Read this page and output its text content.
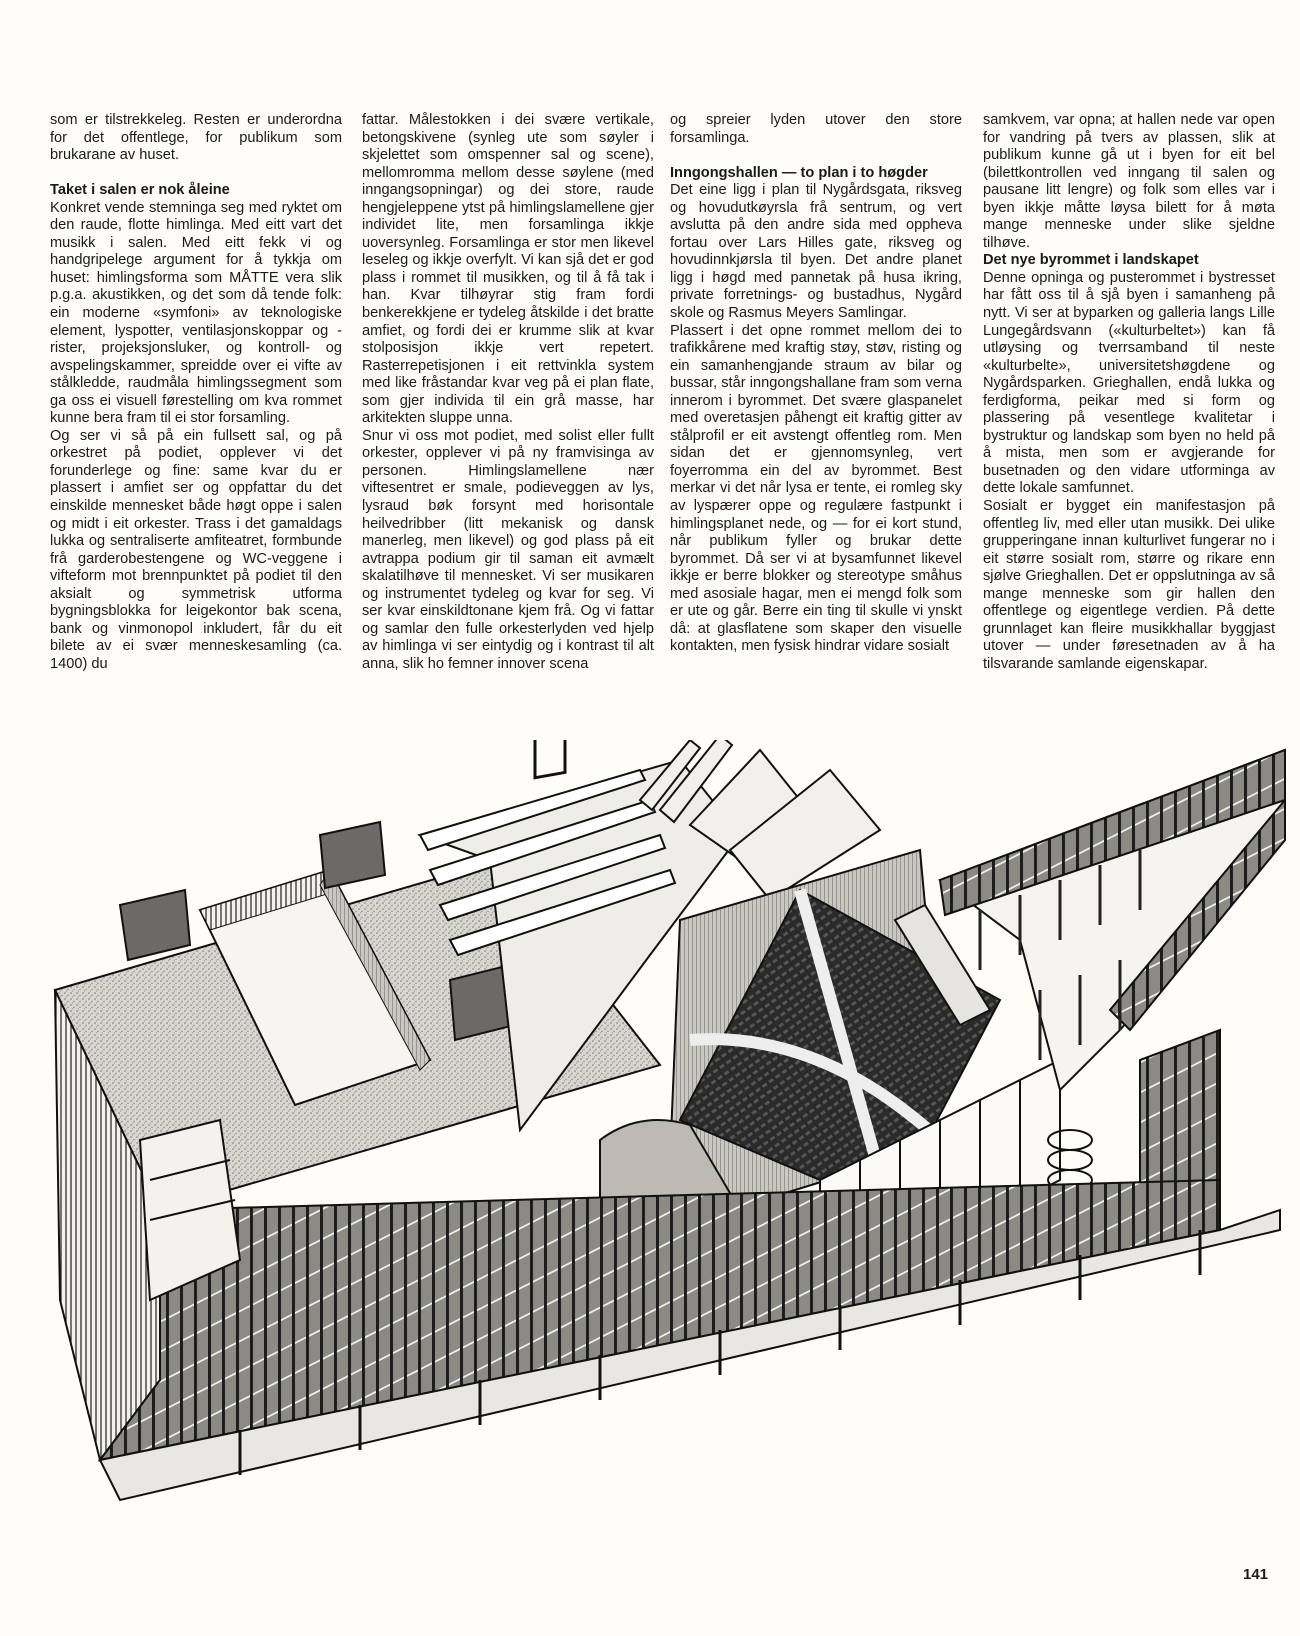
som er tilstrekkeleg. Resten er underordna for det offentlege, for publikum som brukarane av huset.

Taket i salen er nok åleine

Konkret vende stemninga seg med ryktet om den raude, flotte himlinga. Med eitt vart det musikk i salen. Med eitt fekk vi og handgripelege argument for å tykkja om huset: himlingsforma som MÅTTE vera slik p.g.a. akustikken, og det som då tende folk: ein moderne «symfoni» av teknologiske element, lyspotter, ventilasjonskoppar og -rister, projeksjonsluker, og kontroll- og avspelingskammer, spreidde over ei vifte av stålkledde, raudmåla himlingssegment som ga oss ei visuell førestelling om kva rommet kunne bera fram til ei stor forsamling.

Og ser vi så på ein fullsett sal, og på orkestret på podiet, opplever vi det forunderlege og fine: same kvar du er plassert i amfiet ser og oppfattar du det einskilde mennesket både høgt oppe i salen og midt i eit orkester. Trass i det gamaldags lukka og sentraliserte amfiteatret, formbunde frå garderobestengene og WC-veggene i vifteform mot brennpunktet på podiet til den aksialt og symmetrisk utforma bygningsblokka for leigekontor bak scena, bank og vinmonopol inkludert, får du eit bilete av ei svær menneskesamling (ca. 1400) du

fattar. Målestokken i dei svære vertikale, betongskivene (synleg ute som søyler i skjelettet som omspenner sal og scene), mellomromma mellom desse søylene (med inngangsopningar) og dei store, raude hengjeleppene ytst på himlingslamellene gjer individet lite, men forsamlinga ikkje uoversynleg. Forsamlinga er stor men likevel leseleg og ikkje overfylt. Vi kan sjå det er god plass i rommet til musikken, og til å få tak i han. Kvar tilhøyrar stig fram fordi benkerekkjene er tydeleg åtskilde i det bratte amfiet, og fordi dei er krumme slik at kvar stolposisjon ikkje vert repetert. Rasterrepetisjonen i eit rettvinkla system med like fråstandar kvar veg på ei plan flate, som gjer individa til ein grå masse, har arkitekten sluppe unna.

Snur vi oss mot podiet, med solist eller fullt orkester, opplever vi på ny framvisinga av personen. Himlingslamellene nær viftesentret er smale, podieveggen av lys, lysraud bøk forsynt med horisontale heilvedribber (litt mekanisk og dansk manerleg, men likevel) og god plass på eit avtrappa podium gir til saman eit avmælt skalatilhøve til mennesket. Vi ser musikaren og instrumentet tydeleg og kvar for seg. Vi ser kvar einskildtonane kjem frå. Og vi fattar og samlar den fulle orkesterlyden ved hjelp av himlinga vi ser eintydig og i kontrast til alt anna, slik ho femner innover scena

og spreier lyden utover den store forsamlinga.

Inngongshallen — to plan i to høgder

Det eine ligg i plan til Nygårdsgata, riksveg og hovudutkøyrsla frå sentrum, og vert avslutta på den andre sida med oppheva fortau over Lars Hilles gate, riksveg og hovudinnkjørsla til byen. Det andre planet ligg i høgd med pannetak på husa ikring, private forretnings- og bustadhus, Nygård skole og Rasmus Meyers Samlingar.

Plassert i det opne rommet mellom dei to trafikkårene med kraftig støy, støv, risting og ein samanhengjande straum av bilar og bussar, står inngongshallane fram som verna innerom i byrommet. Det svære glaspanelet med overetasjen påhengt eit kraftig gitter av stålprofil er eit avstengt offentleg rom. Men sidan det er gjennomsynleg, vert foyerrommа ein del av byrommet. Best merkar vi det når lysa er tente, ei romleg sky av lyspærer oppe og regulære fastpunkt i himlingsplanet nede, og — for ei kort stund, når publikum fyller og brukar dette byrommet. Då ser vi at bysamfunnet likevel ikkje er berre blokker og stereotype småhus med asosiale hagar, men ei mengd folk som er ute og går. Berre ein ting til skulle vi ynskt då: at glasflatene som skaper den visuelle kontakten, men fysisk hindrar vidare sosialt

samkvem, var opna; at hallen nede var open for vandring på tvers av plassen, slik at publikum kunne gå ut i byen for eit bel (bilettkontrollen ved inngang til salen og pausane litt lengre) og folk som elles var i byen ikkje måtte løysa bilett for å møta mange menneske under slike sjeldne tilhøve.

Det nye byrommet i landskapet

Denne opninga og pusterommet i bystresset har fått oss til å sjå byen i samanheng på nytt. Vi ser at byparken og galleria langs Lille Lungegårdsvann («kulturbeltet») kan få utløysing og tverrsamband til neste «kulturbelte», universitetshøgdene og Nygårdsparken. Grieghallen, endå lukka og ferdigforma, peikar med si form og plassering på vesentlege kvalitetar i bystruktur og landskap som byen no held på å mista, men som er avgjerande for busetnaden og den vidare utforminga av dette lokale samfunnet.

Sosialt er bygget ein manifestasjon på offentleg liv, med eller utan musikk. Dei ulike grupperingane innan kulturlivet fungerar no i eit større sosialt rom, større og rikare enn sjølve Grieghallen. Det er oppslutninga av så mange menneske som gir hallen den offentlege og eigentlege verdien. På dette grunnlaget kan fleire musikkhallar byggjast utover — under føresetnaden av å ha tilsvarande samlande eigenskapar.

141
